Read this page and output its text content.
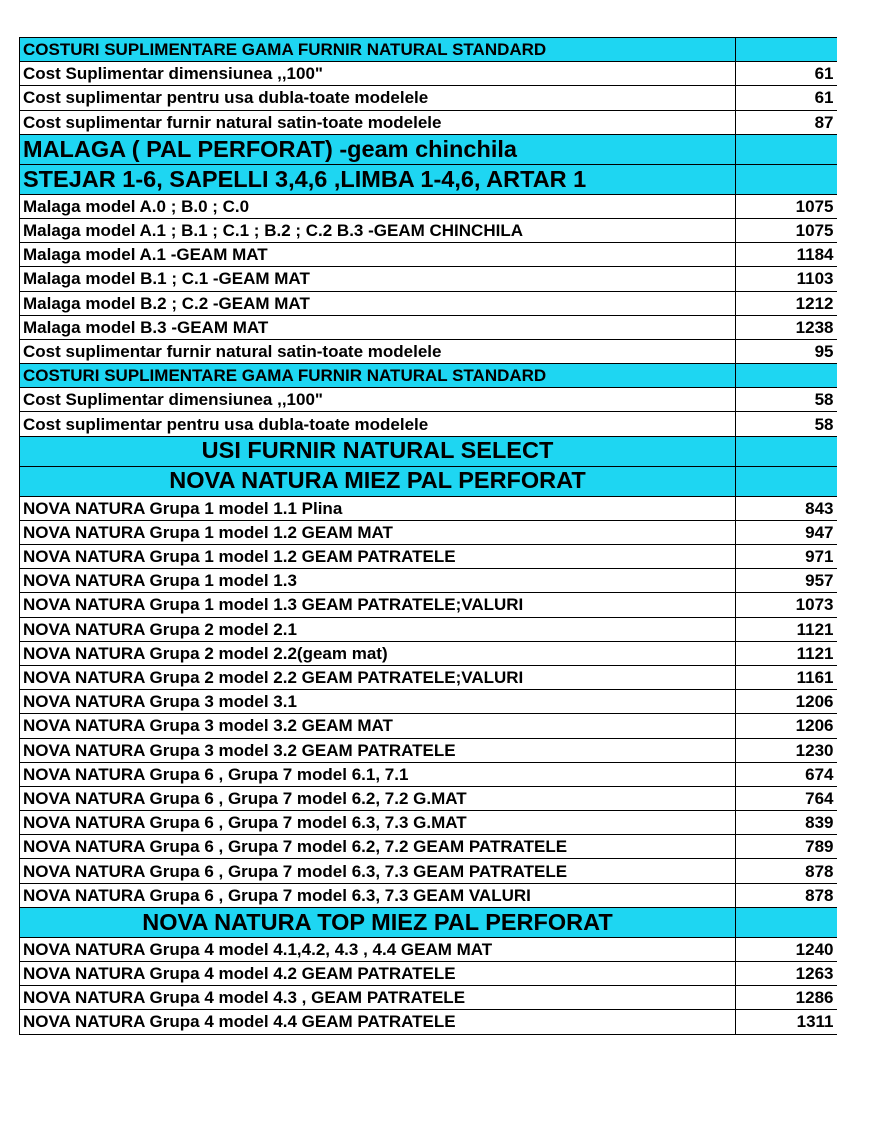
COSTURI SUPLIMENTARE GAMA FURNIR NATURAL STANDARD	
Cost Suplimentar dimensiunea ,,100"	61
Cost suplimentar pentru usa dubla-toate modelele	61
Cost suplimentar furnir natural satin-toate modelele	87
MALAGA ( PAL PERFORAT) -geam chinchila	
STEJAR 1-6, SAPELLI 3,4,6 ,LIMBA 1-4,6, ARTAR 1	
Malaga model A.0 ; B.0 ; C.0	1075
Malaga model A.1 ; B.1 ; C.1 ; B.2 ; C.2 B.3 -GEAM CHINCHILA	1075
Malaga model A.1 -GEAM MAT	1184
Malaga model B.1 ; C.1 -GEAM MAT	1103
Malaga model B.2 ; C.2 -GEAM MAT	1212
Malaga model B.3 -GEAM MAT	1238
Cost suplimentar furnir natural satin-toate modelele	95
COSTURI SUPLIMENTARE GAMA FURNIR NATURAL STANDARD	
Cost Suplimentar dimensiunea ,,100"	58
Cost suplimentar pentru usa dubla-toate modelele	58
USI FURNIR NATURAL SELECT	
NOVA NATURA MIEZ PAL PERFORAT	
NOVA NATURA Grupa 1 model 1.1 Plina	843
NOVA NATURA Grupa 1 model 1.2 GEAM MAT	947
NOVA NATURA Grupa 1 model 1.2 GEAM PATRATELE	971
NOVA NATURA Grupa 1 model 1.3	957
NOVA NATURA Grupa 1 model 1.3 GEAM PATRATELE;VALURI	1073
NOVA NATURA Grupa 2 model 2.1	1121
NOVA NATURA Grupa 2 model 2.2(geam mat)	1121
NOVA NATURA Grupa 2 model 2.2 GEAM PATRATELE;VALURI	1161
NOVA NATURA Grupa 3 model 3.1	1206
NOVA NATURA Grupa 3 model 3.2 GEAM MAT	1206
NOVA NATURA Grupa 3 model 3.2 GEAM PATRATELE	1230
NOVA NATURA Grupa 6 , Grupa 7 model 6.1, 7.1	674
NOVA NATURA Grupa 6 , Grupa 7 model 6.2, 7.2 G.MAT	764
NOVA NATURA Grupa 6 , Grupa 7 model 6.3, 7.3 G.MAT	839
NOVA NATURA Grupa 6 , Grupa 7 model 6.2, 7.2 GEAM PATRATELE	789
NOVA NATURA Grupa 6 , Grupa 7 model 6.3, 7.3 GEAM PATRATELE	878
NOVA NATURA Grupa 6 , Grupa 7 model 6.3, 7.3 GEAM VALURI	878
NOVA NATURA TOP MIEZ PAL PERFORAT	
NOVA NATURA Grupa 4 model 4.1,4.2, 4.3 , 4.4 GEAM MAT	1240
NOVA NATURA Grupa 4 model 4.2 GEAM PATRATELE	1263
NOVA NATURA Grupa 4 model 4.3 , GEAM PATRATELE	1286
NOVA NATURA Grupa 4 model 4.4 GEAM PATRATELE	1311
